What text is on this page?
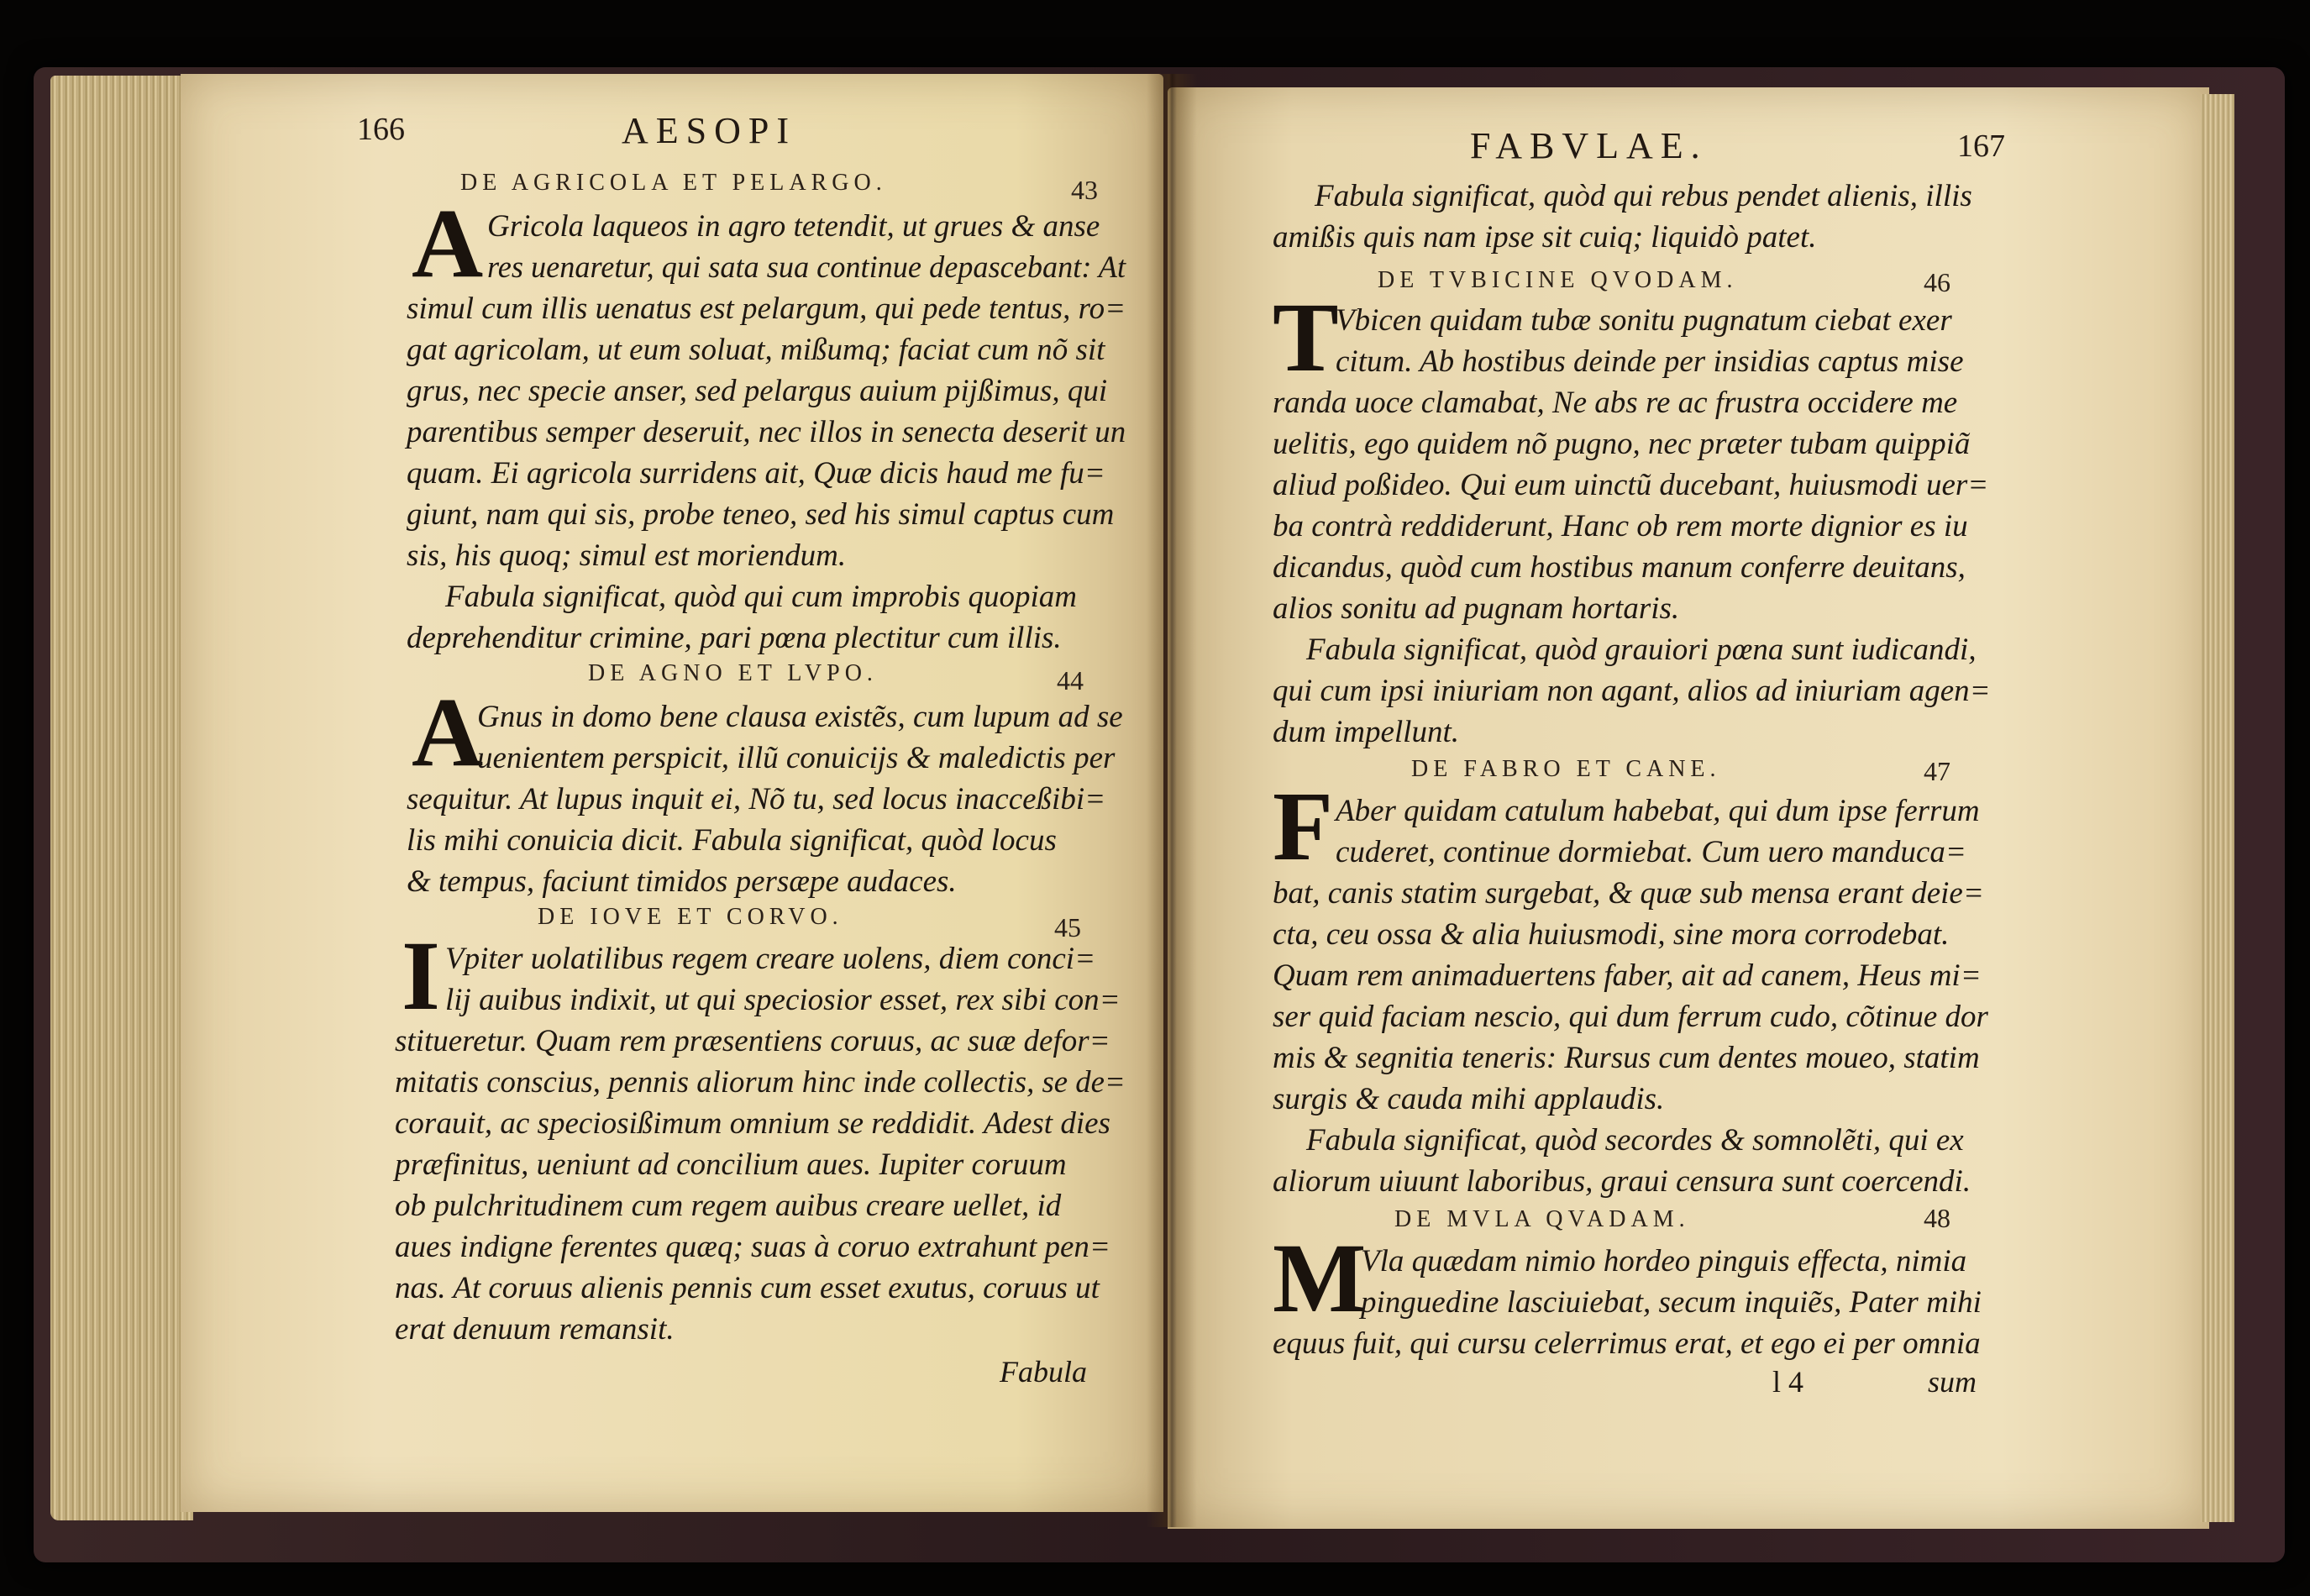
166	AESOPI
DE AGRICOLA ET PELARGO.	43
A Gricola laqueos in agro tetendit, ut grues & anse
res uenaretur, qui sata sua continue depascebant: At
simul cum illis uenatus est pelargum, qui pede tentus, ro=
gat agricolam, ut eum soluat, mißumq; faciat cum nõ sit
grus, nec specie anser, sed pelargus auium pijßimus, qui
parentibus semper deseruit, nec illos in senecta deserit un
quam. Ei agricola surridens ait, Quæ dicis haud me fu=
giunt, nam qui sis, probe teneo, sed his simul captus cum
sis, his quoq; simul est moriendum.
Fabula significat, quòd qui cum improbis quopiam
deprehenditur crimine, pari pœna plectitur cum illis.
DE AGNO ET LVPO.	44
A
Gnus in domo bene clausa existẽs, cum lupum ad se
uenientem perspicit, illũ conuicijs & maledictis per
sequitur. At lupus inquit ei, Nõ tu, sed locus inacceßibi=
lis mihi conuicia dicit. Fabula significat, quòd locus
& tempus, faciunt timidos persæpe audaces.
DE IOVE ET CORVO.	45
I Vpiter uolatilibus regem creare uolens, diem conci=
lij auibus indixit, ut qui speciosior esset, rex sibi con=
stitueretur. Quam rem præsentiens coruus, ac suæ defor=
mitatis conscius, pennis aliorum hinc inde collectis, se de=
corauit, ac speciosißimum omnium se reddidit. Adest dies
præfinitus, ueniunt ad concilium aues. Iupiter coruum
ob pulchritudinem cum regem auibus creare uellet, id
aues indigne ferentes quæq; suas à coruo extrahunt pen=
nas. At coruus alienis pennis cum esset exutus, coruus ut
erat denuum remansit.
Fabula
FABVLAE.	167
Fabula significat, quòd qui rebus pendet alienis, illis
amißis quis nam ipse sit cuiq; liquidò patet.
DE TVBICINE QVODAM.	46
T
Vbicen quidam tubæ sonitu pugnatum ciebat exer
citum. Ab hostibus deinde per insidias captus mise
randa uoce clamabat, Ne abs re ac frustra occidere me
uelitis, ego quidem nõ pugno, nec præter tubam quippiã
aliud poßideo. Qui eum uinctũ ducebant, huiusmodi uer=
ba contrà reddiderunt, Hanc ob rem morte dignior es iu
dicandus, quòd cum hostibus manum conferre deuitans,
alios sonitu ad pugnam hortaris.
Fabula significat, quòd grauiori pœna sunt iudicandi,
qui cum ipsi iniuriam non agant, alios ad iniuriam agen=
dum impellunt.
DE FABRO ET CANE.	47
F Aber quidam catulum habebat, qui dum ipse ferrum
cuderet, continue dormiebat. Cum uero manduca=
bat, canis statim surgebat, & quæ sub mensa erant deie=
cta, ceu ossa & alia huiusmodi, sine mora corrodebat.
Quam rem animaduertens faber, ait ad canem, Heus mi=
ser quid faciam nescio, qui dum ferrum cudo, cõtinue dor
mis & segnitia teneris: Rursus cum dentes moueo, statim
surgis & cauda mihi applaudis.
Fabula significat, quòd secordes & somnolẽti, qui ex
aliorum uiuunt laboribus, graui censura sunt coercendi.
DE MVLA QVADAM.	48
M
Vla quædam nimio hordeo pinguis effecta, nimia
pinguedine lasciuiebat, secum inquiẽs, Pater mihi
equus fuit, qui cursu celerrimus erat, et ego ei per omnia
l 4	sum
